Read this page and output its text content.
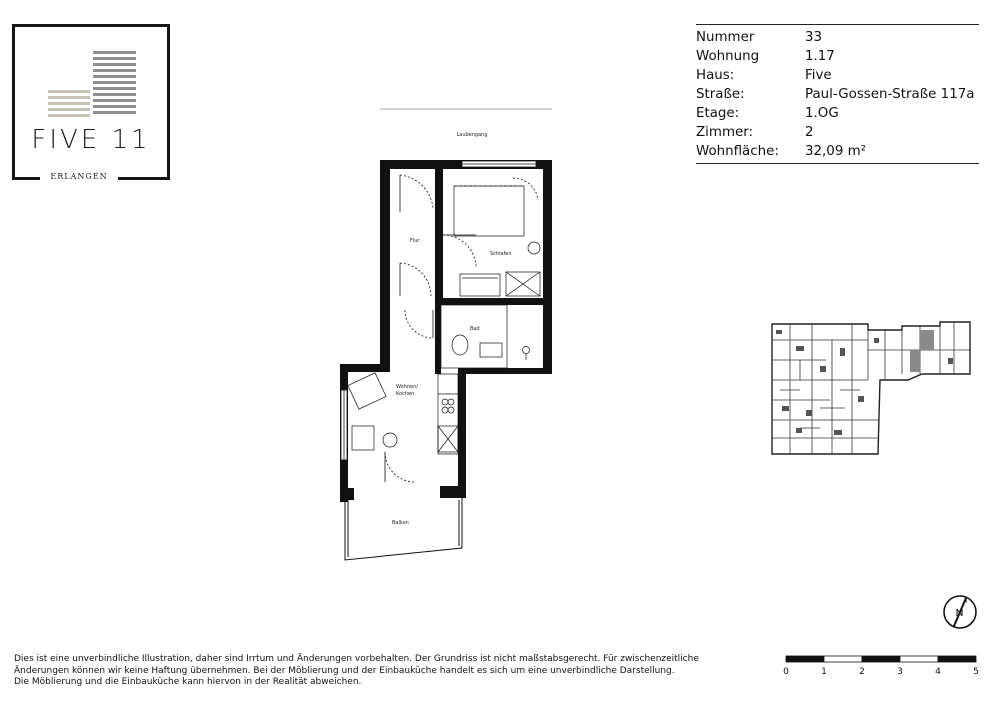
FIVE 11
ERLANGEN
Nummer	33
Wohnung	1.17
Haus:	Five
Straße:	Paul-Gossen-Straße 117a
Etage:	1.OG
Zimmer:	2
Wohnfläche:	32,09 m²
Laubengang
Flur
Schlafen
Bad
Wohnen/
Kochen
Balkon

Dies ist eine unverbindliche Illustration, daher sind Irrtum und Änderungen vorbehalten. Der Grundriss ist nicht maßstabsgerecht. Für zwischenzeitliche

Änderungen können wir keine Haftung übernehmen. Bei der Möblierung und der Einbauküche handelt es sich um eine unverbindliche Darstellung.

Die Möblierung und die Einbauküche kann hiervon in der Realität abweichen.

0	1	2	3	4	5
